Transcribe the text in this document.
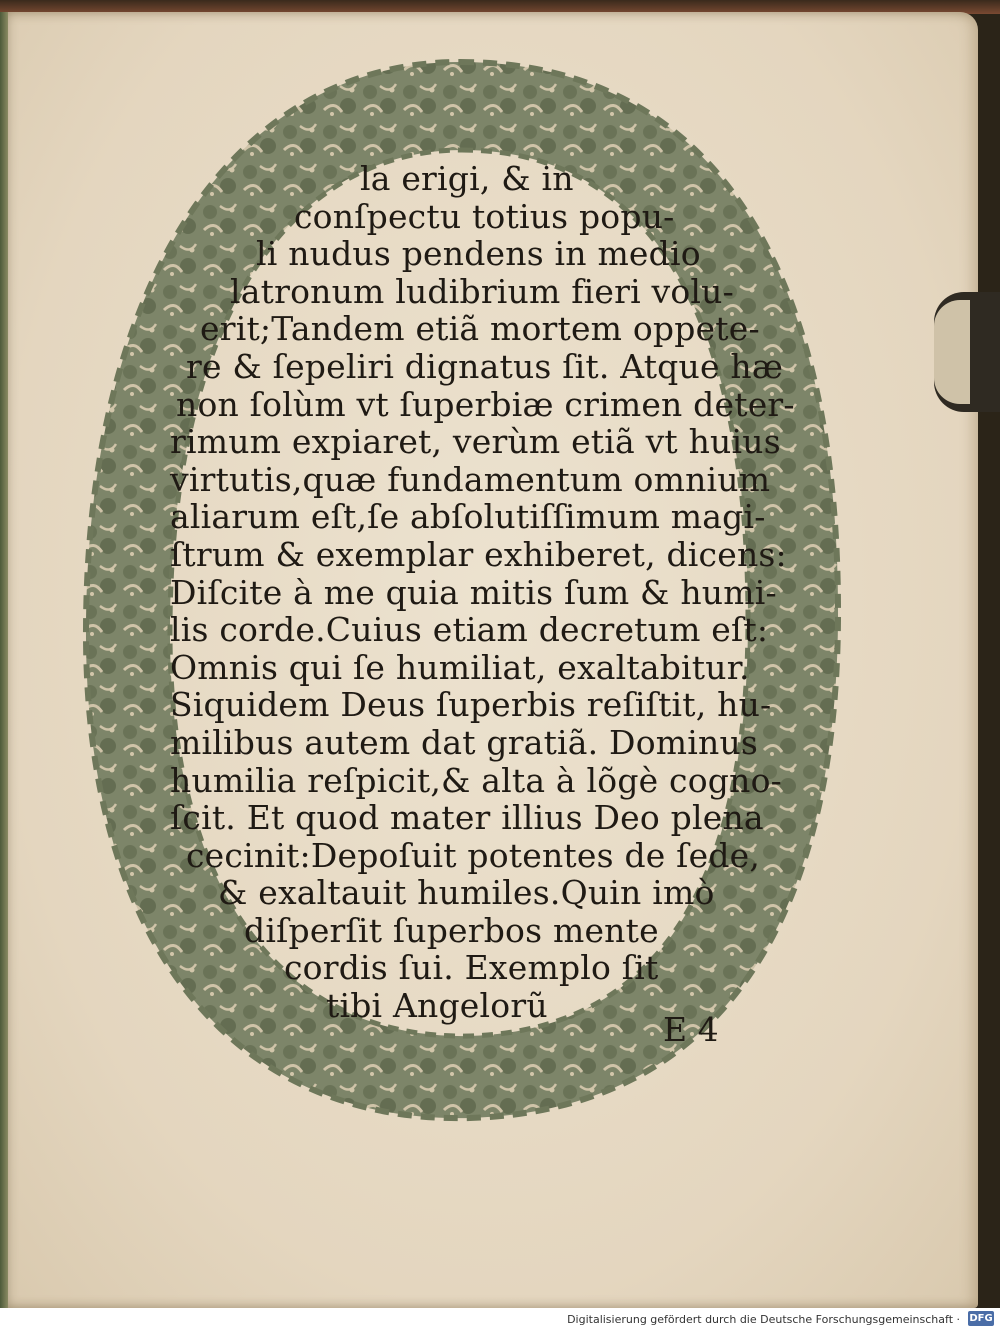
la erigi, & in
conſpectu totius popu-
li nudus pendens in medio
latronum ludibrium fieri volu-
erit;Tandem etiã mortem oppete-
re & ſepeliri dignatus ſit. Atque hæ
non ſolùm vt ſuperbiæ crimen deter-
rimum expiaret, verùm etiã vt huius
virtutis,quæ fundamentum omnium
aliarum eſt,ſe abſolutiſſimum magi-
ſtrum & exemplar exhiberet, dicens:
Diſcite à me quia mitis ſum & humi-
lis corde.Cuius etiam decretum eſt:
Omnis qui ſe humiliat, exaltabitur.
Siquidem Deus ſuperbis reſiſtit, hu-
milibus autem dat gratiã. Dominus
humilia reſpicit,& alta à lõgè cogno-
ſcit. Et quod mater illius Deo plena
cecinit:Depoſuit potentes de ſede,
& exaltauit humiles.Quin imò
diſperſit ſuperbos mente
cordis ſui. Exemplo ſit
tibi Angelorũ
E 4
Digitalisierung gefördert durch die Deutsche Forschungsgemeinschaft · DFG
